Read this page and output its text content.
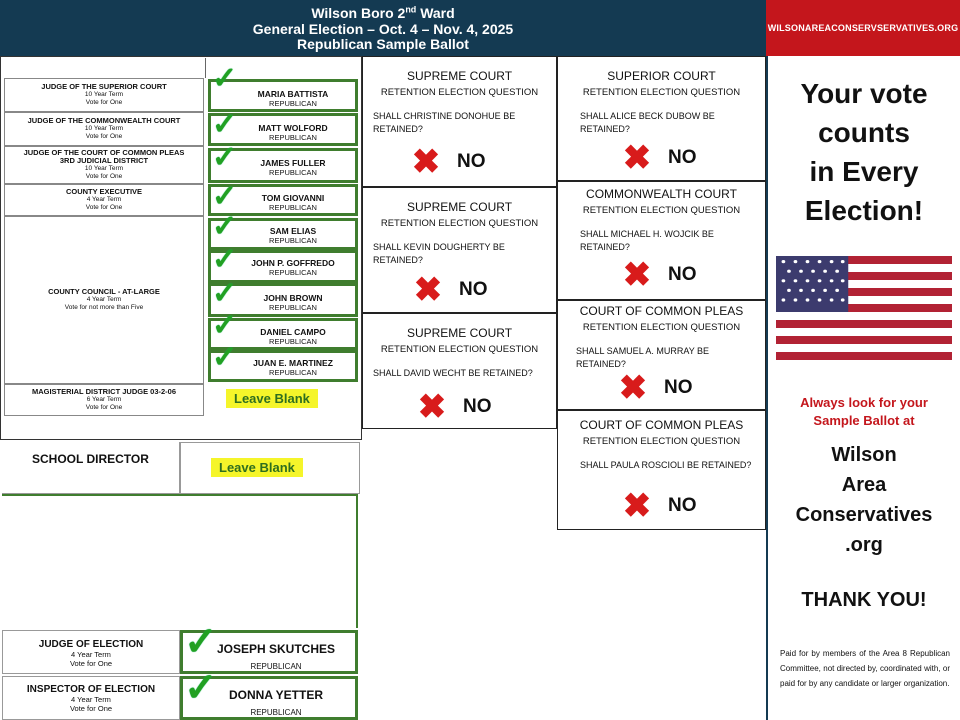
Wilson Boro 2nd Ward
General Election – Oct. 4 – Nov. 4, 2025
Republican Sample Ballot
WILSONAREACONSERVSERVATIVES.ORG
JUDGE OF THE SUPERIOR COURT
10 Year Term
Vote for One
JUDGE OF THE COMMONWEALTH COURT
10 Year Term
Vote for One
JUDGE OF THE COURT OF COMMON PLEAS
3RD JUDICIAL DISTRICT
10 Year Term
Vote for One
COUNTY EXECUTIVE
4 Year Term
Vote for One
COUNTY COUNCIL - AT-LARGE
4 Year Term
Vote for not more than Five
MAGISTERIAL DISTRICT JUDGE 03-2-06
6 Year Term
Vote for One
MARIA BATTISTA
REPUBLICAN
MATT WOLFORD
REPUBLICAN
JAMES FULLER
REPUBLICAN
TOM GIOVANNI
REPUBLICAN
SAM ELIAS
REPUBLICAN
JOHN P. GOFFREDO
REPUBLICAN
JOHN BROWN
REPUBLICAN
DANIEL CAMPO
REPUBLICAN
JUAN E. MARTINEZ
REPUBLICAN
✓
✓
✓
✓
✓
✓
✓
✓
✓
Leave Blank
SCHOOL DIRECTOR
Leave Blank
JUDGE OF ELECTION
4 Year Term
Vote for One
JOSEPH SKUTCHES
REPUBLICAN
✓
INSPECTOR OF ELECTION
4 Year Term
Vote for One
DONNA YETTER
REPUBLICAN
✓
SUPREME COURT
RETENTION ELECTION QUESTION
SHALL CHRISTINE DONOHUE BE RETAINED?
✖ NO
SUPREME COURT
RETENTION ELECTION QUESTION
SHALL KEVIN DOUGHERTY BE RETAINED?
✖ NO
SUPREME COURT
RETENTION ELECTION QUESTION
SHALL DAVID WECHT BE RETAINED?
✖ NO
SUPERIOR COURT
RETENTION ELECTION QUESTION
SHALL ALICE BECK DUBOW BE RETAINED?
✖ NO
COMMONWEALTH COURT
RETENTION ELECTION QUESTION
SHALL MICHAEL H. WOJCIK BE RETAINED?
✖ NO
COURT OF COMMON PLEAS
RETENTION ELECTION QUESTION
SHALL SAMUEL A. MURRAY BE RETAINED?
✖ NO
COURT OF COMMON PLEAS
RETENTION ELECTION QUESTION
SHALL PAULA ROSCIOLI BE RETAINED?
✖ NO
Your vote
counts
in Every
Election!
Always look for your
Sample Ballot at
Wilson
Area
Conservatives
.org
THANK YOU!
Paid for by members of the Area 8 Republican Committee, not directed by, coordinated with, or paid for by any candidate or larger organization.
